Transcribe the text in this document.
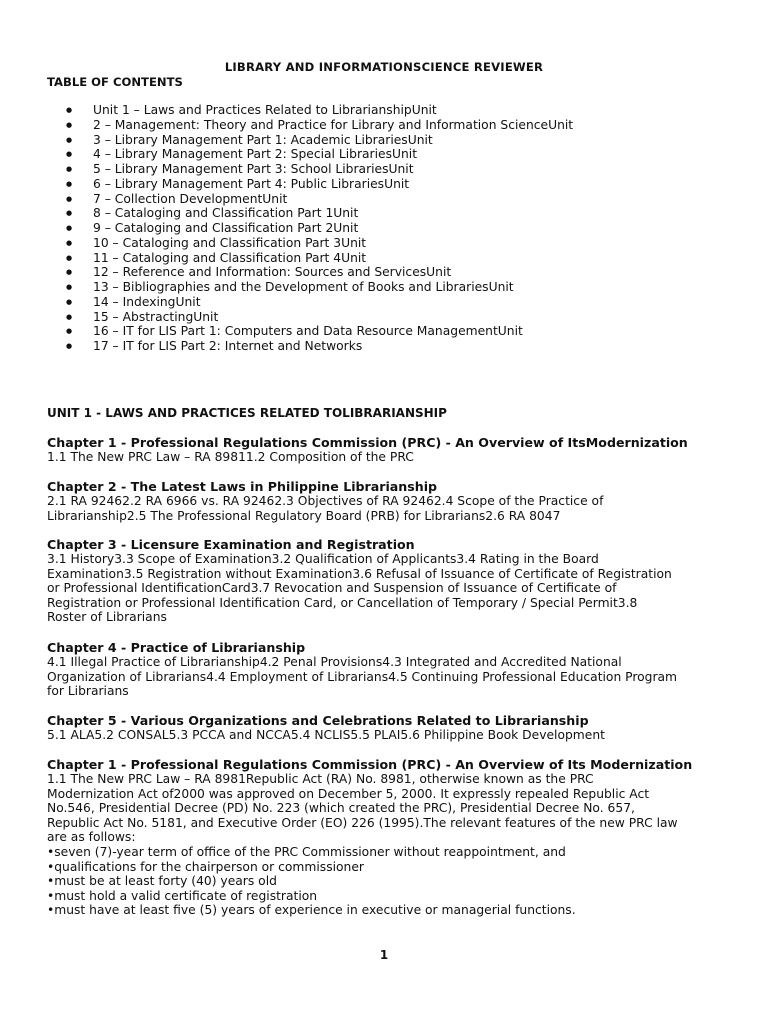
LIBRARY AND INFORMATIONSCIENCE REVIEWER
TABLE OF CONTENTS
● Unit 1 – Laws and Practices Related to LibrarianshipUnit
● 2 – Management: Theory and Practice for Library and Information ScienceUnit
● 3 – Library Management Part 1: Academic LibrariesUnit
● 4 – Library Management Part 2: Special LibrariesUnit
● 5 – Library Management Part 3: School LibrariesUnit
● 6 – Library Management Part 4: Public LibrariesUnit
● 7 – Collection DevelopmentUnit
● 8 – Cataloging and Classification Part 1Unit
● 9 – Cataloging and Classification Part 2Unit
● 10 – Cataloging and Classification Part 3Unit
● 11 – Cataloging and Classification Part 4Unit
● 12 – Reference and Information: Sources and ServicesUnit
● 13 – Bibliographies and the Development of Books and LibrariesUnit
● 14 – IndexingUnit
● 15 – AbstractingUnit
● 16 – IT for LIS Part 1: Computers and Data Resource ManagementUnit
● 17 – IT for LIS Part 2: Internet and Networks
UNIT 1 - LAWS AND PRACTICES RELATED TOLIBRARIANSHIP
Chapter 1 - Professional Regulations Commission (PRC) - An Overview of ItsModernization

1.1 The New PRC Law – RA 89811.2 Composition of the PRC

Chapter 2 - The Latest Laws in Philippine Librarianship

2.1 RA 92462.2 RA 6966 vs. RA 92462.3 Objectives of RA 92462.4 Scope of the Practice of
Librarianship2.5 The Professional Regulatory Board (PRB) for Librarians2.6 RA 8047

Chapter 3 - Licensure Examination and Registration

3.1 History3.3 Scope of Examination3.2 Qualification of Applicants3.4 Rating in the Board
Examination3.5 Registration without Examination3.6 Refusal of Issuance of Certificate of Registration
or Professional IdentificationCard3.7 Revocation and Suspension of Issuance of Certificate of
Registration or Professional Identification Card, or Cancellation of Temporary / Special Permit3.8
Roster of Librarians

Chapter 4 - Practice of Librarianship

4.1 Illegal Practice of Librarianship4.2 Penal Provisions4.3 Integrated and Accredited National
Organization of Librarians4.4 Employment of Librarians4.5 Continuing Professional Education Program
for Librarians

Chapter 5 - Various Organizations and Celebrations Related to Librarianship

5.1 ALA5.2 CONSAL5.3 PCCA and NCCA5.4 NCLIS5.5 PLAI5.6 Philippine Book Development

Chapter 1 - Professional Regulations Commission (PRC) - An Overview of Its Modernization

1.1 The New PRC Law – RA 8981Republic Act (RA) No. 8981, otherwise known as the PRC
Modernization Act of2000 was approved on December 5, 2000. It expressly repealed Republic Act
No.546, Presidential Decree (PD) No. 223 (which created the PRC), Presidential Decree No. 657,
Republic Act No. 5181, and Executive Order (EO) 226 (1995).The relevant features of the new PRC law
are as follows:

•seven (7)-year term of office of the PRC Commissioner without reappointment, and
•qualifications for the chairperson or commissioner
•must be at least forty (40) years old
•must hold a valid certificate of registration
•must have at least five (5) years of experience in executive or managerial functions.
1
